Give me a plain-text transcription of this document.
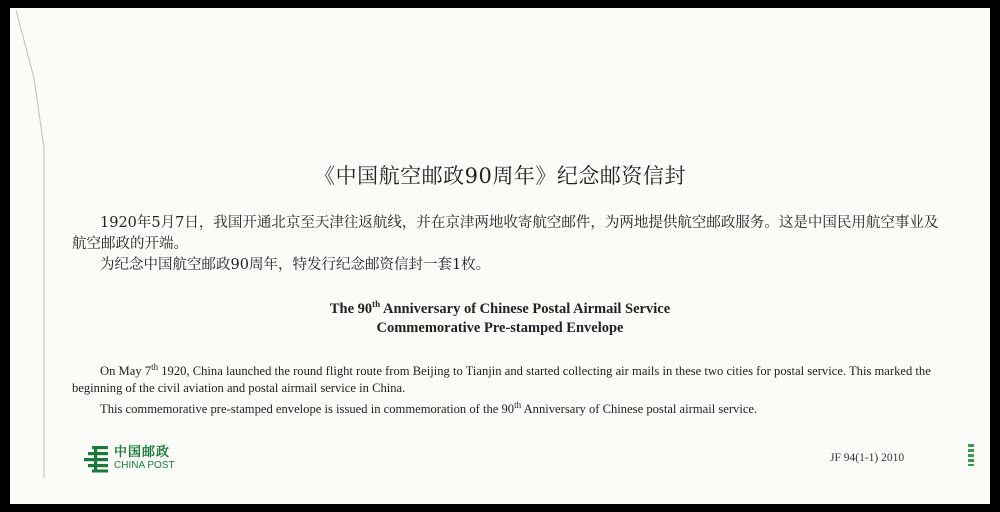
《中国航空邮政90周年》纪念邮资信封

1920年5月7日，我国开通北京至天津往返航线，并在京津两地收寄航空邮件，为两地提供航空邮政服务。这是中国民用航空事业及航空邮政的开端。

为纪念中国航空邮政90周年，特发行纪念邮资信封一套1枚。

The 90th Anniversary of Chinese Postal Airmail Service
Commemorative Pre-stamped Envelope

On May 7th 1920, China launched the round flight route from Beijing to Tianjin and started collecting air mails in these two cities for postal service. This marked the beginning of the civil aviation and postal airmail service in China.

This commemorative pre-stamped envelope is issued in commemoration of the 90th Anniversary of Chinese postal airmail service.

中国邮政
CHINA POST
JF 94(1-1) 2010
